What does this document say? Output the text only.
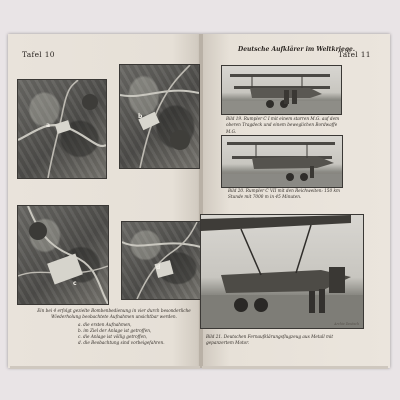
Tafel 10
a
b
c
d
Ein bei 4 erfolgt gezielte Bombenbedienung in vier durch besonderliche Wiederholung beobachtete Aufnahmen unsichtbar werden.
a. die ersten Aufnahmen,
b. im Ziel der Anlage ist getroffen,
c. die Anlage ist völlig getroffen,
d. die Beobachtung sind vorbeigefahren.
Tafel 11
Deutsche Aufklärer im Weltkriege.
Bild 19. Rumpler C I mit einem starren M.G. auf dem oberen Tragdeck und einem beweglichen Bordwaffe M.G.
Bild 20. Rumpler C VII mit den Reichweiten: 150 km Stunde mit 7000 m in 45 Minuten.
Archiv Deutsch
Bild 21. Deutschen Fernaufklärungsflugzeug aus Metall mit gepanzertem Motor.
